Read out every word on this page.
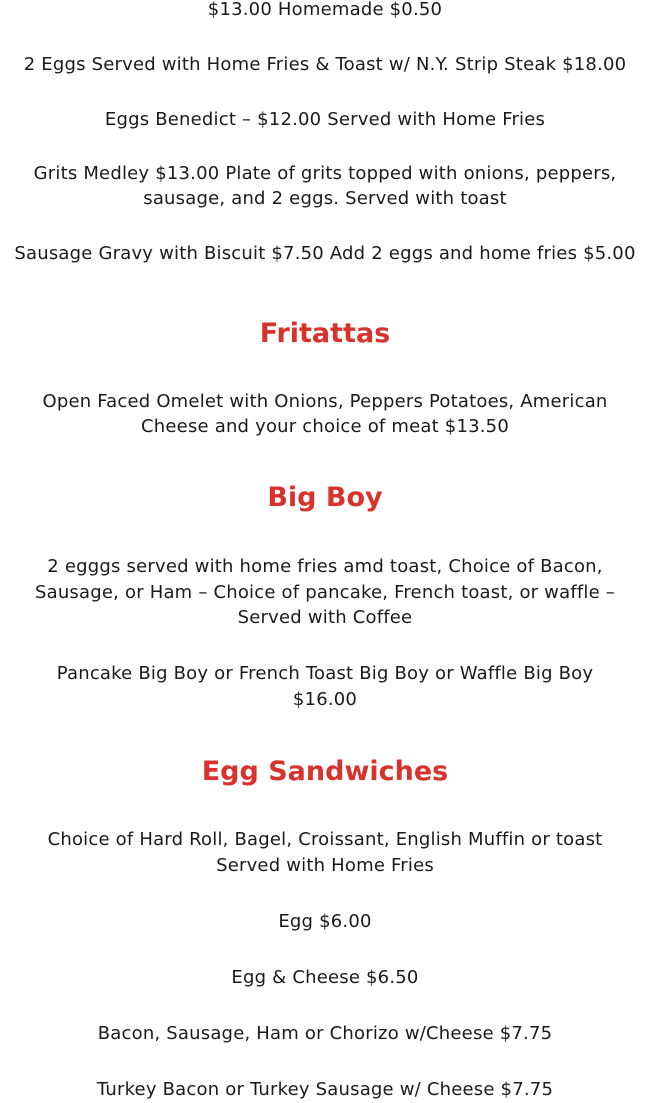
$13.00 Homemade $0.50
2 Eggs Served with Home Fries & Toast w/ N.Y. Strip Steak $18.00
Eggs Benedict – $12.00 Served with Home Fries
Grits Medley $13.00 Plate of grits topped with onions, peppers,
sausage, and 2 eggs. Served with toast
Sausage Gravy with Biscuit $7.50 Add 2 eggs and home fries $5.00
Fritattas
Open Faced Omelet with Onions, Peppers Potatoes, American
Cheese and your choice of meat $13.50
Big Boy
2 egggs served with home fries amd toast, Choice of Bacon,
Sausage, or Ham – Choice of pancake, French toast, or waffle –
Served with Coffee
Pancake Big Boy or French Toast Big Boy or Waffle Big Boy
$16.00
Egg Sandwiches
Choice of Hard Roll, Bagel, Croissant, English Muffin or toast
Served with Home Fries
Egg $6.00
Egg & Cheese $6.50
Bacon, Sausage, Ham or Chorizo w/Cheese $7.75
Turkey Bacon or Turkey Sausage w/ Cheese $7.75
